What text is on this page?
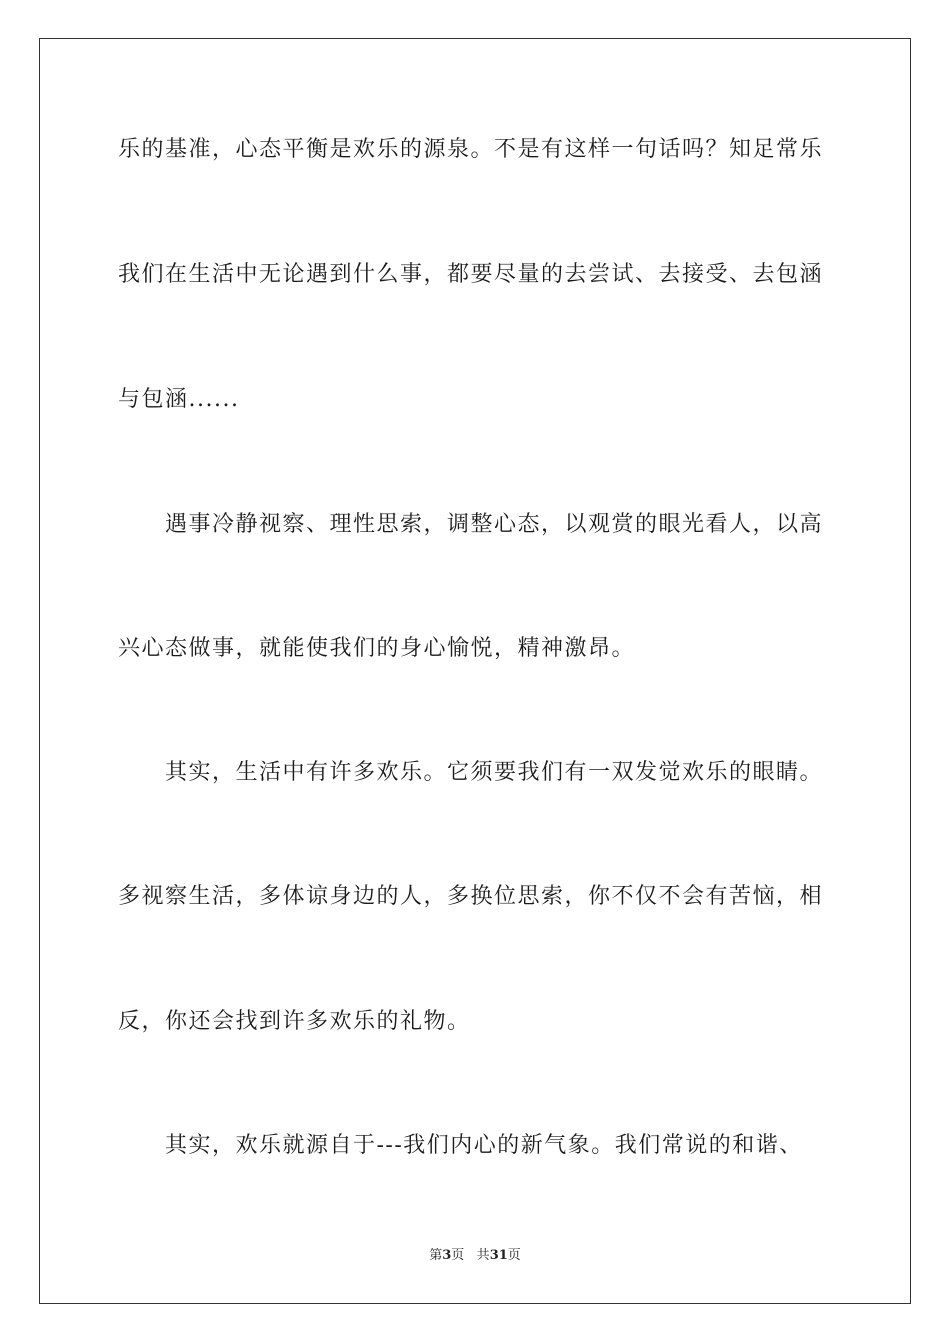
乐的基准，心态平衡是欢乐的源泉。不是有这样一句话吗？知足常乐
我们在生活中无论遇到什么事，都要尽量的去尝试、去接受、去包涵
与包涵......
遇事冷静视察、理性思索，调整心态，以观赏的眼光看人，以高
兴心态做事，就能使我们的身心愉悦，精神激昂。
其实，生活中有许多欢乐。它须要我们有一双发觉欢乐的眼睛。
多视察生活，多体谅身边的人，多换位思索，你不仅不会有苦恼，相
反，你还会找到许多欢乐的礼物。
其实，欢乐就源自于---我们内心的新气象。我们常说的和谐、
第3页 共31页
